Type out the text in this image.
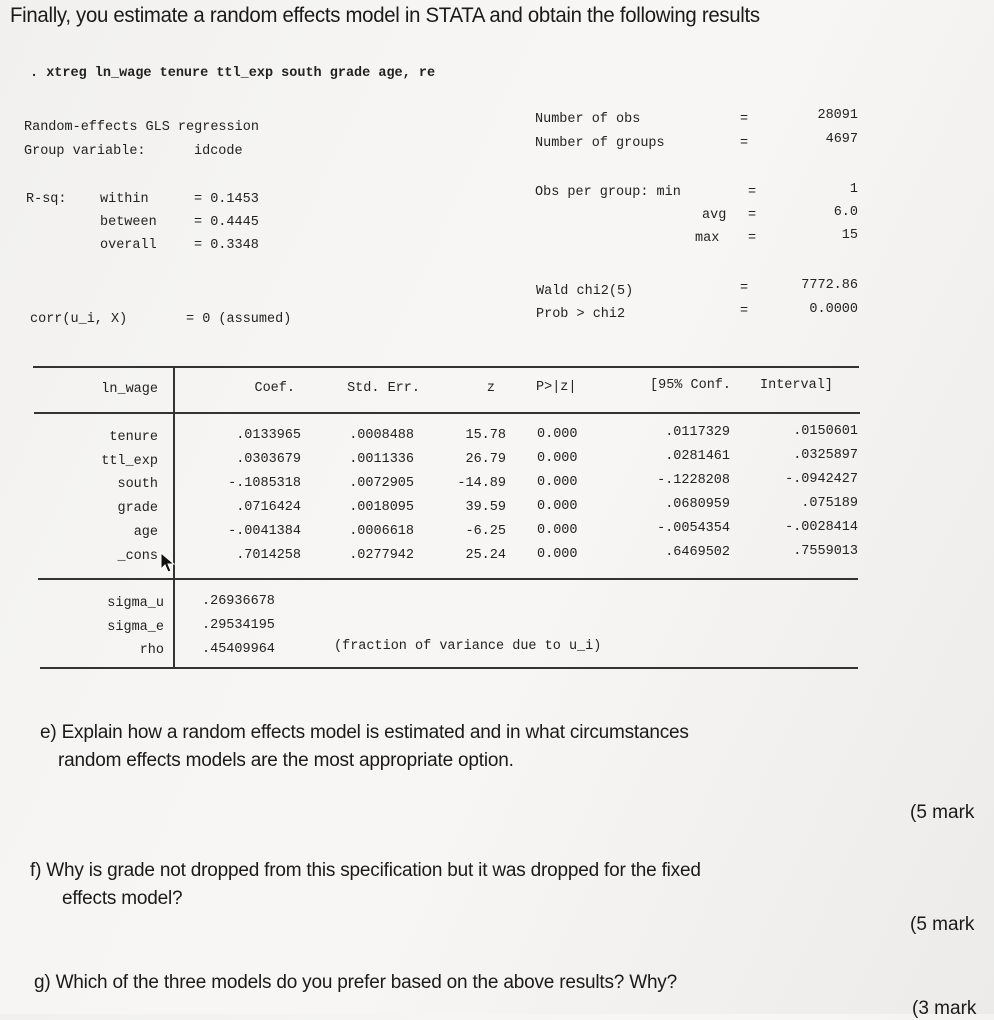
Finally, you estimate a random effects model in STATA and obtain the following results
. xtreg ln_wage tenure ttl_exp south grade age, re
Random-effects GLS regression
Group variable:	idcode
R-sq: within	= 0.1453
between	= 0.4445
overall	= 0.3348
corr(u_i, X)	= 0 (assumed)
Number of obs	=	28091
Number of groups	=	4697
Obs per group: min	=	1
avg =	6.0
max =	15
Wald chi2(5)	=	7772.86
Prob > chi2	=	0.0000
ln_wage	Coef.	Std. Err.	z	P>|z|	[95% Conf. Interval]
tenure	.0133965	.0008488	15.78 0.000	.0117329	.0150601
ttl_exp	.0303679	.0011336	26.79 0.000	.0281461	.0325897
south	-.1085318	.0072905	-14.89 0.000	-.1228208	-.0942427
grade	.0716424	.0018095	39.59 0.000	.0680959	.075189
age	-.0041384	.0006618	-6.25 0.000	-.0054354	-.0028414
_cons	.7014258	.0277942	25.24 0.000	.6469502	.7559013
sigma_u	.26936678
sigma_e	.29534195
rho	.45409964	(fraction of variance due to u_i)
e) Explain how a random effects model is estimated and in what circumstances
random effects models are the most appropriate option.
(5 mark
f) Why is grade not dropped from this specification but it was dropped for the fixed
effects model?
(5 mark
g) Which of the three models do you prefer based on the above results? Why?
(3 mark
